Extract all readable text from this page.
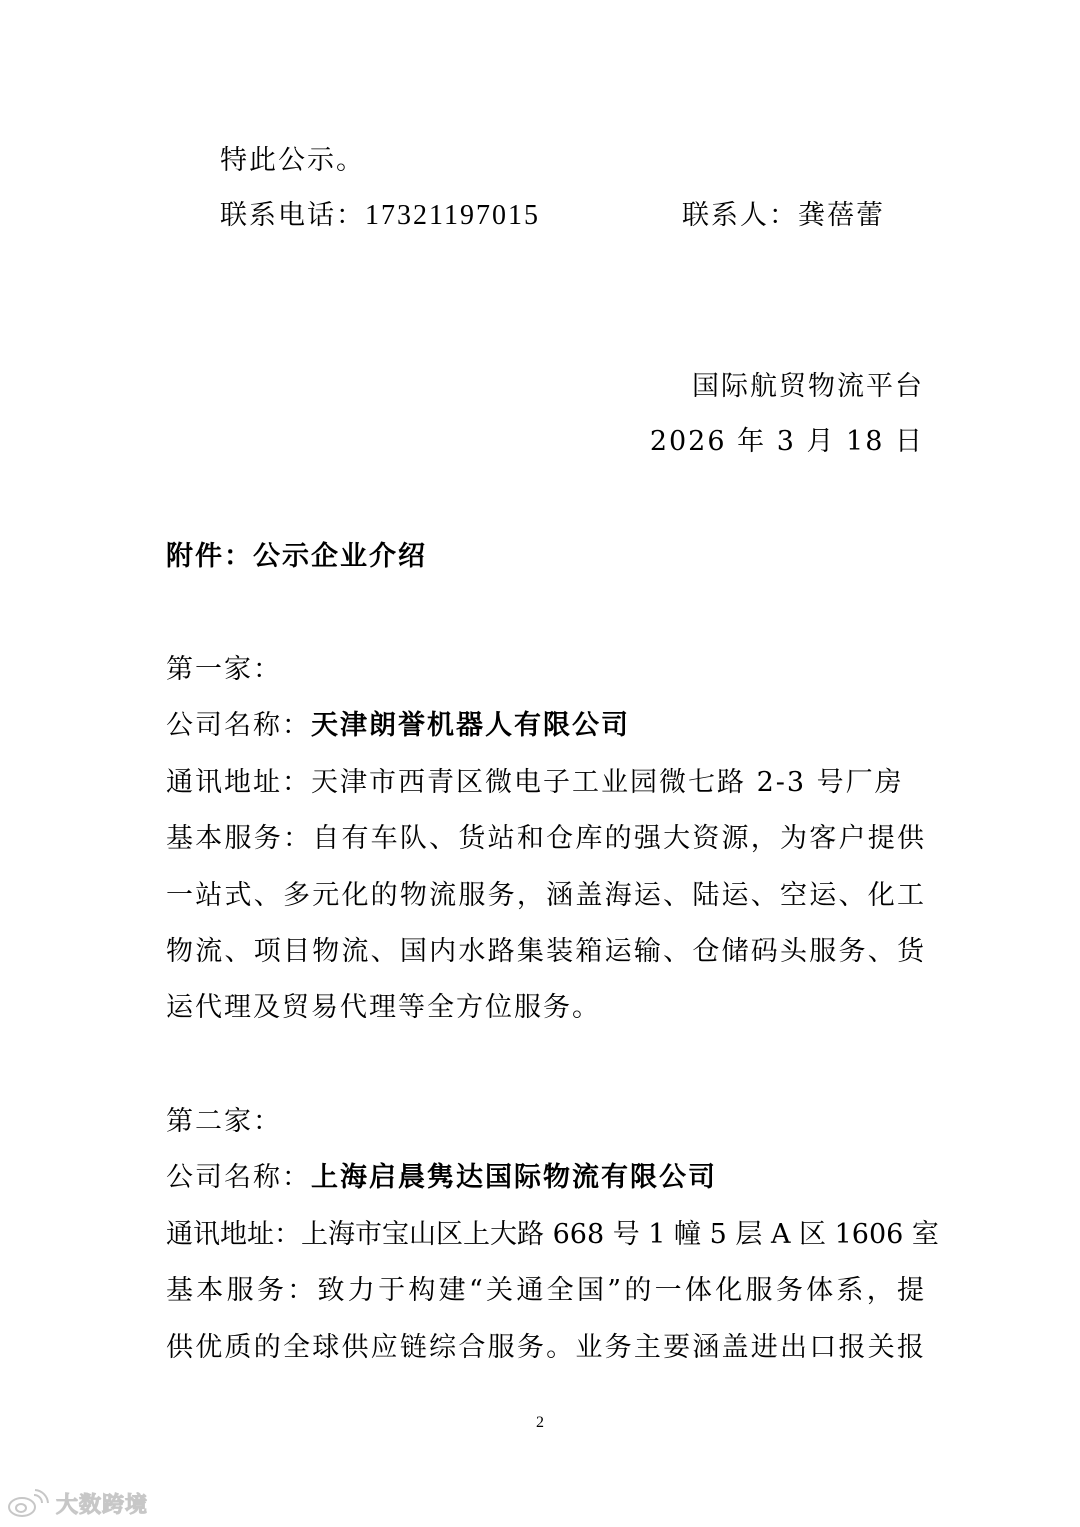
特此公示。
联系电话：17321197015	联系人：龚蓓蕾
国际航贸物流平台
2026 年 3 月 18 日
附件：公示企业介绍
第一家：
公司名称：天津朗誉机器人有限公司
通讯地址：天津市西青区微电子工业园微七路 2-3 号厂房
基本服务：自有车队、货站和仓库的强大资源，为客户提供
一站式、多元化的物流服务，涵盖海运、陆运、空运、化工
物流、项目物流、国内水路集装箱运输、仓储码头服务、货
运代理及贸易代理等全方位服务。
第二家：
公司名称：上海启晨隽达国际物流有限公司
通讯地址：上海市宝山区上大路 668 号 1 幢 5 层 A 区 1606 室
基本服务：致力于构建“关通全国”的一体化服务体系，提
供优质的全球供应链综合服务。业务主要涵盖进出口报关报
2
大数跨境
